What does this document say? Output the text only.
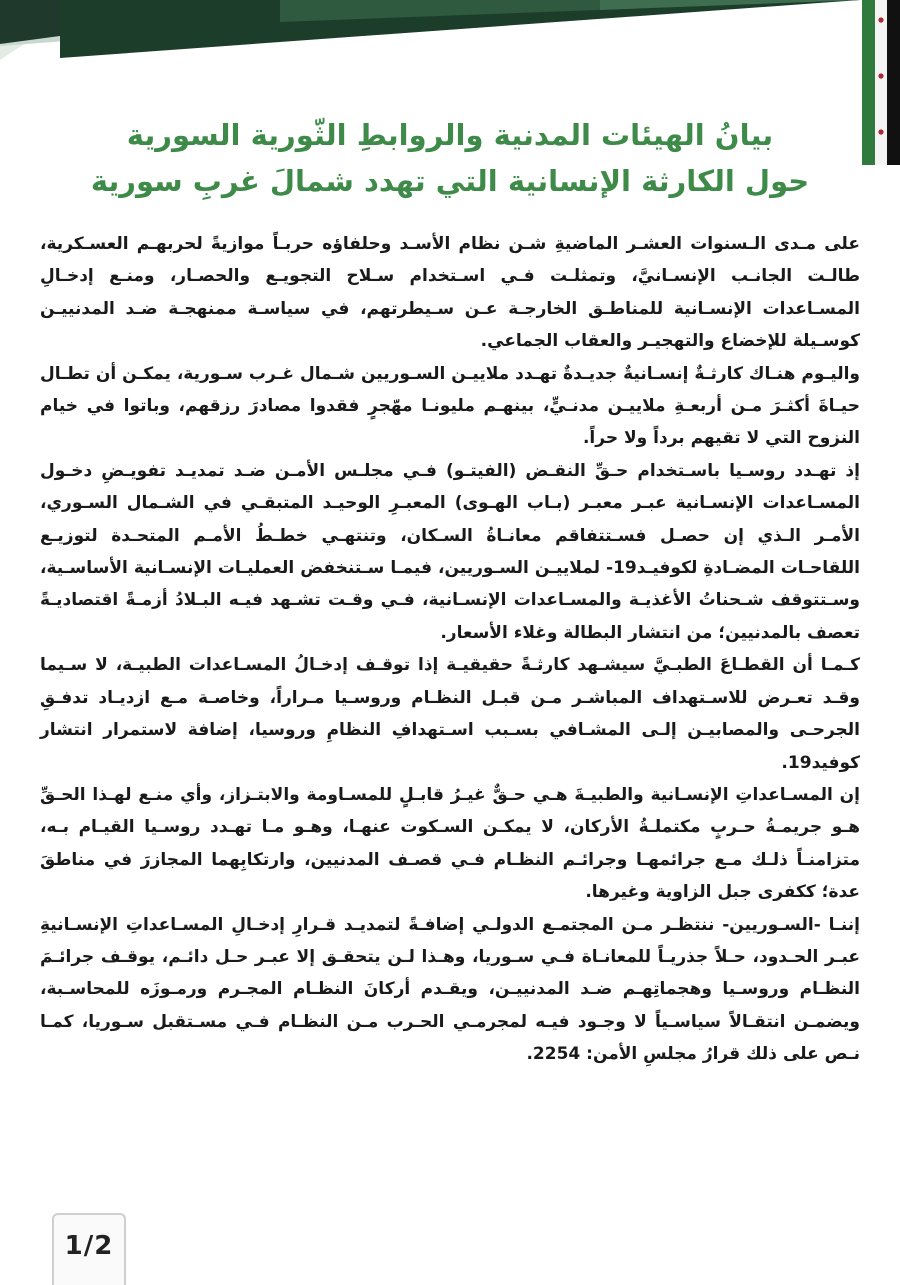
بيانُ الهيئات المدنية والروابطِ الثّورية السورية
حول الكارثة الإنسانية التي تهدد شمالَ غربِ سورية

على مـدى الـسنوات العشـر الماضيةِ شـن نظام الأسـد وحلفاؤه حربـاً موازيةً لحربهـم العسـكرية، طالـت الجانـب الإنسـانيَّ، وتمثلـت فـي اسـتخدام سـلاح التجويـع والحصـار، ومنـع إدخـالِ المسـاعدات الإنسـانية للمناطـق الخارجـة عـن سـيطرتهم، في سياسـة ممنهجـة ضـد المدنييـن كوسـيلة للإخضاع والتهجيـر والعقاب الجماعي.

واليـوم هنـاك كارثـةٌ إنسـانيةٌ جديـدةٌ تهـدد ملاييـن السـوريين شـمال غـرب سـورية، يمكـن أن تطـال حيـاةَ أكثـرَ مـن أربعـةِ ملاييـن مدنـيٍّ، بينهـم مليونـا مهّجرٍ فقدوا مصادرَ رزقهم، وباتوا في خيام النزوح التي لا تقيهم برداً ولا حراً.

إذ تهـدد روسـيا باسـتخدام حـقِّ النقـض (الفيتـو) فـي مجلـس الأمـن ضـد تمديـد تفويـضِ دخـول المسـاعدات الإنسـانية عبـر معبـر (بـاب الهـوى) المعبـرِ الوحيـد المتبقـي في الشـمال السـوري، الأمـر الـذي إن حصـل فسـتتفاقم معانـاةُ السـكان، وتنتهـي خطـطُ الأمـم المتحـدة لتوزيـع اللقاحـات المضـادةِ لكوفيـد19- لملاييـن السـوريين، فيمـا سـتنخفض العمليـات الإنسـانية الأساسـية، وسـتتوقف شـحناتُ الأغذيـة والمسـاعدات الإنسـانية، فـي وقـت تشـهد فيـه البـلادُ أزمـةً اقتصاديـةً تعصف بالمدنيين؛ من انتشار البطالة وغلاء الأسعار.

كـمـا أن القطـاعَ الطبـيَّ سيشـهد كارثـةً حقيقيـة إذا توقـف إدخـالُ المسـاعدات الطبيـة، لا سـيما وقـد تعـرض للاسـتهداف المباشـر مـن قبـل النظـام وروسـيا مـراراً، وخاصـة مـع ازديـاد تدفـقِ الجرحـى والمصابيـن إلـى المشـافي بسـبب اسـتهدافِ النظامِ وروسيا، إضافة لاستمرار انتشار كوفيد19.

إن المسـاعداتِ الإنسـانية والطبيـةَ هـي حـقٌّ غيـرُ قابـلٍ للمسـاومة والابتـزاز، وأي منـع لهـذا الحـقِّ هـو جريمـةُ حـربٍ مكتملـةُ الأركان، لا يمكـن السـكوت عنهـا، وهـو مـا تهـدد روسـيا القيـام بـه، متزامنـاً ذلـك مـع جرائمهـا وجرائـم النظـام فـي قصـف المدنيين، وارتكابِهما المجازرَ في مناطقَ عدة؛ ككفرى جبل الزاوية وغيرها.

إننـا -السـوريين- ننتظـر مـن المجتمـع الدولـي إضافـةً لتمديـد قـرارِ إدخـالِ المسـاعداتِ الإنسـانيةِ عبـر الحـدود، حـلاً جذريـاً للمعانـاة فـي سـوريا، وهـذا لـن يتحقـق إلا عبـر حـل دائـم، يوقـف جرائـمَ النظـام وروسـيا وهجماتِهـم ضـد المدنييـن، ويقـدم أركانَ النظـام المجـرم ورمـوزَه للمحاسـبة، ويضمـن انتقـالاً سياسـياً لا وجـود فيـه لمجرمـي الحـرب مـن النظـام فـي مسـتقبل سـوريا، كمـا نـص على ذلك قرارُ مجلسِ الأمن: 2254.

1/2
